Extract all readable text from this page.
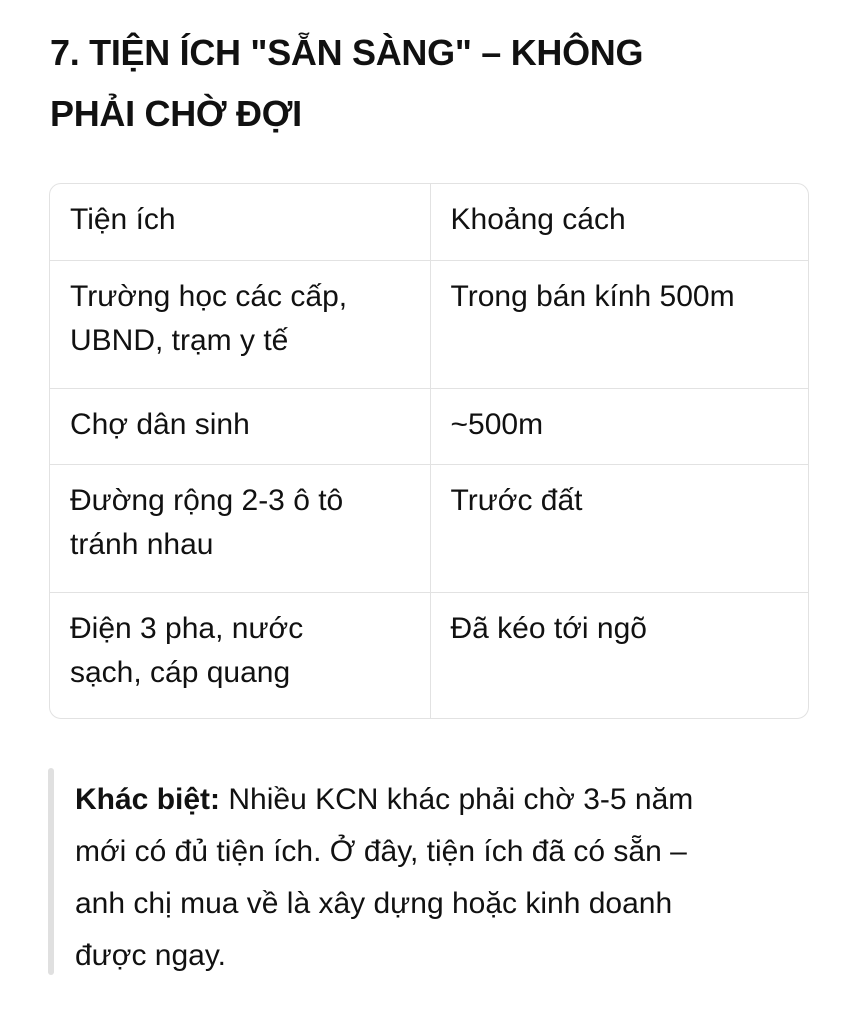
7. TIỆN ÍCH "SẴN SÀNG" – KHÔNG
PHẢI CHỜ ĐỢI
Tiện ích	Khoảng cách
Trường học các cấp,
UBND, trạm y tế	Trong bán kính 500m
Chợ dân sinh	~500m
Đường rộng 2-3 ô tô
tránh nhau	Trước đất
Điện 3 pha, nước
sạch, cáp quang	Đã kéo tới ngõ

Khác biệt: Nhiều KCN khác phải chờ 3-5 năm
mới có đủ tiện ích. Ở đây, tiện ích đã có sẵn –
anh chị mua về là xây dựng hoặc kinh doanh
được ngay.
